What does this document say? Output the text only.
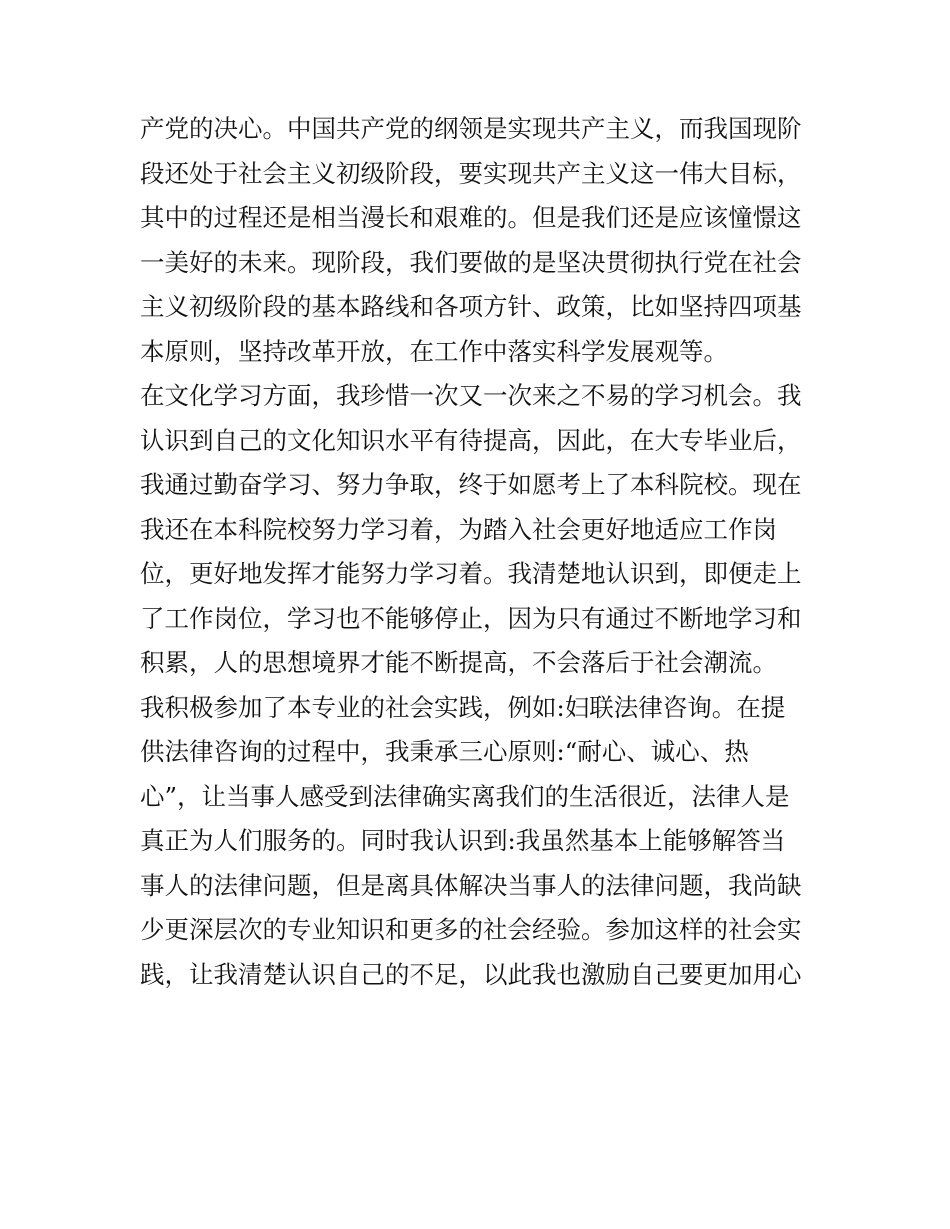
产党的决心。中国共产党的纲领是实现共产主义，而我国现阶
段还处于社会主义初级阶段，要实现共产主义这一伟大目标，
其中的过程还是相当漫长和艰难的。但是我们还是应该憧憬这
一美好的未来。现阶段，我们要做的是坚决贯彻执行党在社会
主义初级阶段的基本路线和各项方针、政策，比如坚持四项基
本原则，坚持改革开放，在工作中落实科学发展观等。
在文化学习方面，我珍惜一次又一次来之不易的学习机会。我
认识到自己的文化知识水平有待提高，因此，在大专毕业后，
我通过勤奋学习、努力争取，终于如愿考上了本科院校。现在
我还在本科院校努力学习着，为踏入社会更好地适应工作岗
位，更好地发挥才能努力学习着。我清楚地认识到，即便走上
了工作岗位，学习也不能够停止，因为只有通过不断地学习和
积累，人的思想境界才能不断提高，不会落后于社会潮流。
我积极参加了本专业的社会实践，例如:妇联法律咨询。在提
供法律咨询的过程中，我秉承三心原则:“耐心、诚心、热
心”，让当事人感受到法律确实离我们的生活很近，法律人是
真正为人们服务的。同时我认识到:我虽然基本上能够解答当
事人的法律问题，但是离具体解决当事人的法律问题，我尚缺
少更深层次的专业知识和更多的社会经验。参加这样的社会实
践，让我清楚认识自己的不足，以此我也激励自己要更加用心
